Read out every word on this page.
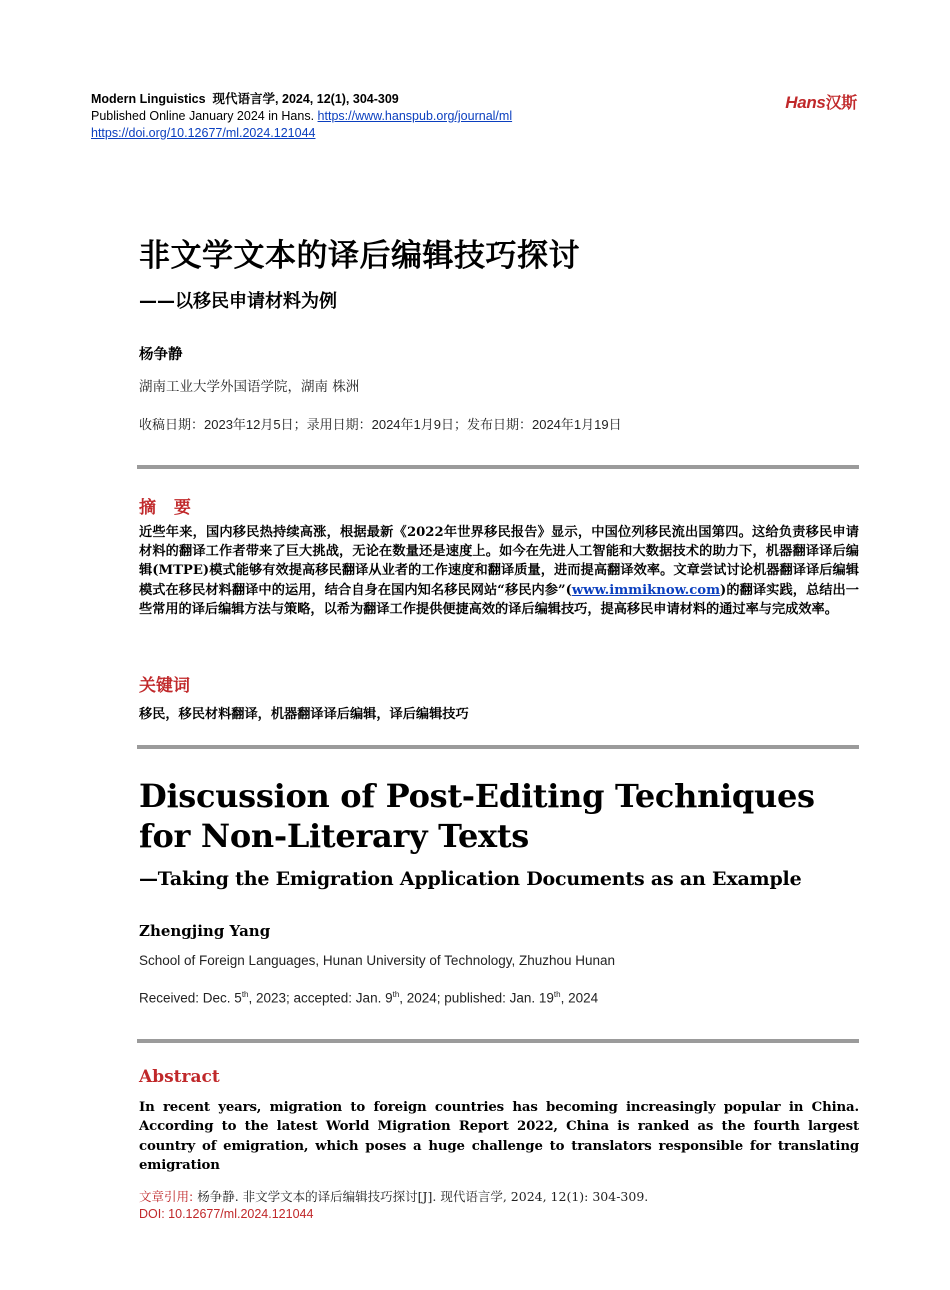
Modern Linguistics 现代语言学, 2024, 12(1), 304-309
Published Online January 2024 in Hans. https://www.hanspub.org/journal/ml
https://doi.org/10.12677/ml.2024.121044
Hans汉斯
非文学文本的译后编辑技巧探讨
——以移民申请材料为例
杨争静
湖南工业大学外国语学院，湖南 株洲
收稿日期：2023年12月5日；录用日期：2024年1月9日；发布日期：2024年1月19日
摘 要
近些年来，国内移民热持续高涨，根据最新《2022年世界移民报告》显示，中国位列移民流出国第四。这给负责移民申请材料的翻译工作者带来了巨大挑战，无论在数量还是速度上。如今在先进人工智能和大数据技术的助力下，机器翻译译后编辑(MTPE)模式能够有效提高移民翻译从业者的工作速度和翻译质量，进而提高翻译效率。文章尝试讨论机器翻译译后编辑模式在移民材料翻译中的运用，结合自身在国内知名移民网站“移民内参”(www.immiknow.com)的翻译实践，总结出一些常用的译后编辑方法与策略，以希为翻译工作提供便捷高效的译后编辑技巧，提高移民申请材料的通过率与完成效率。
关键词
移民，移民材料翻译，机器翻译译后编辑，译后编辑技巧
Discussion of Post-Editing Techniques for Non-Literary Texts
—Taking the Emigration Application Documents as an Example
Zhengjing Yang
School of Foreign Languages, Hunan University of Technology, Zhuzhou Hunan
Received: Dec. 5th, 2023; accepted: Jan. 9th, 2024; published: Jan. 19th, 2024
Abstract
In recent years, migration to foreign countries has becoming increasingly popular in China. According to the latest World Migration Report 2022, China is ranked as the fourth largest country of emigration, which poses a huge challenge to translators responsible for translating emigration
文章引用: 杨争静. 非文学文本的译后编辑技巧探讨[J]. 现代语言学, 2024, 12(1): 304-309.
DOI: 10.12677/ml.2024.121044
